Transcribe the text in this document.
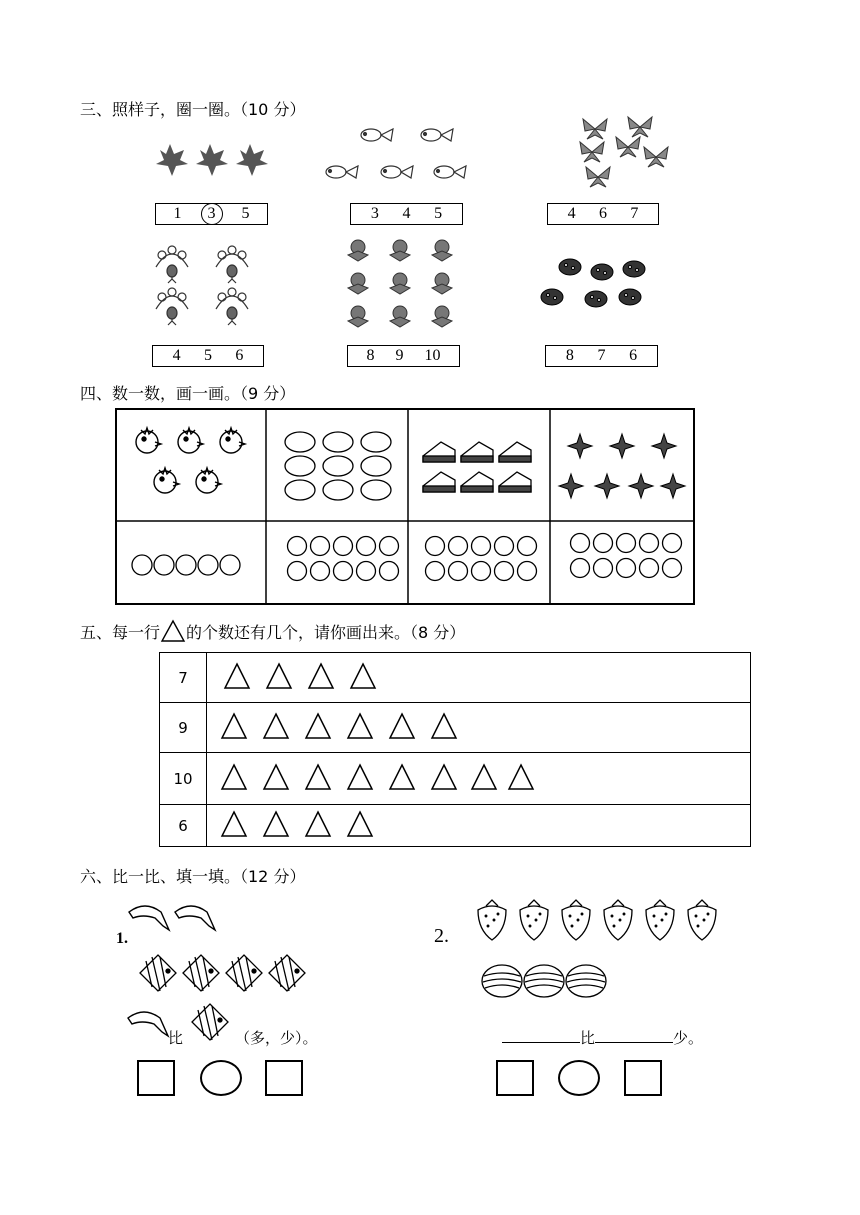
三、照样子，圈一圈。（10 分）
1	3	5	3 4 5	4 6 7
4 5 6	8 9 10	8 7 6
四、数一数，画一画。（9 分）
五、每一行 的个数还有几个，请你画出来。（8 分）
7	
9	
10	
6	
六、比一比、填一填。（12 分）
1.
比	（多，少）。
2.
比	少。
